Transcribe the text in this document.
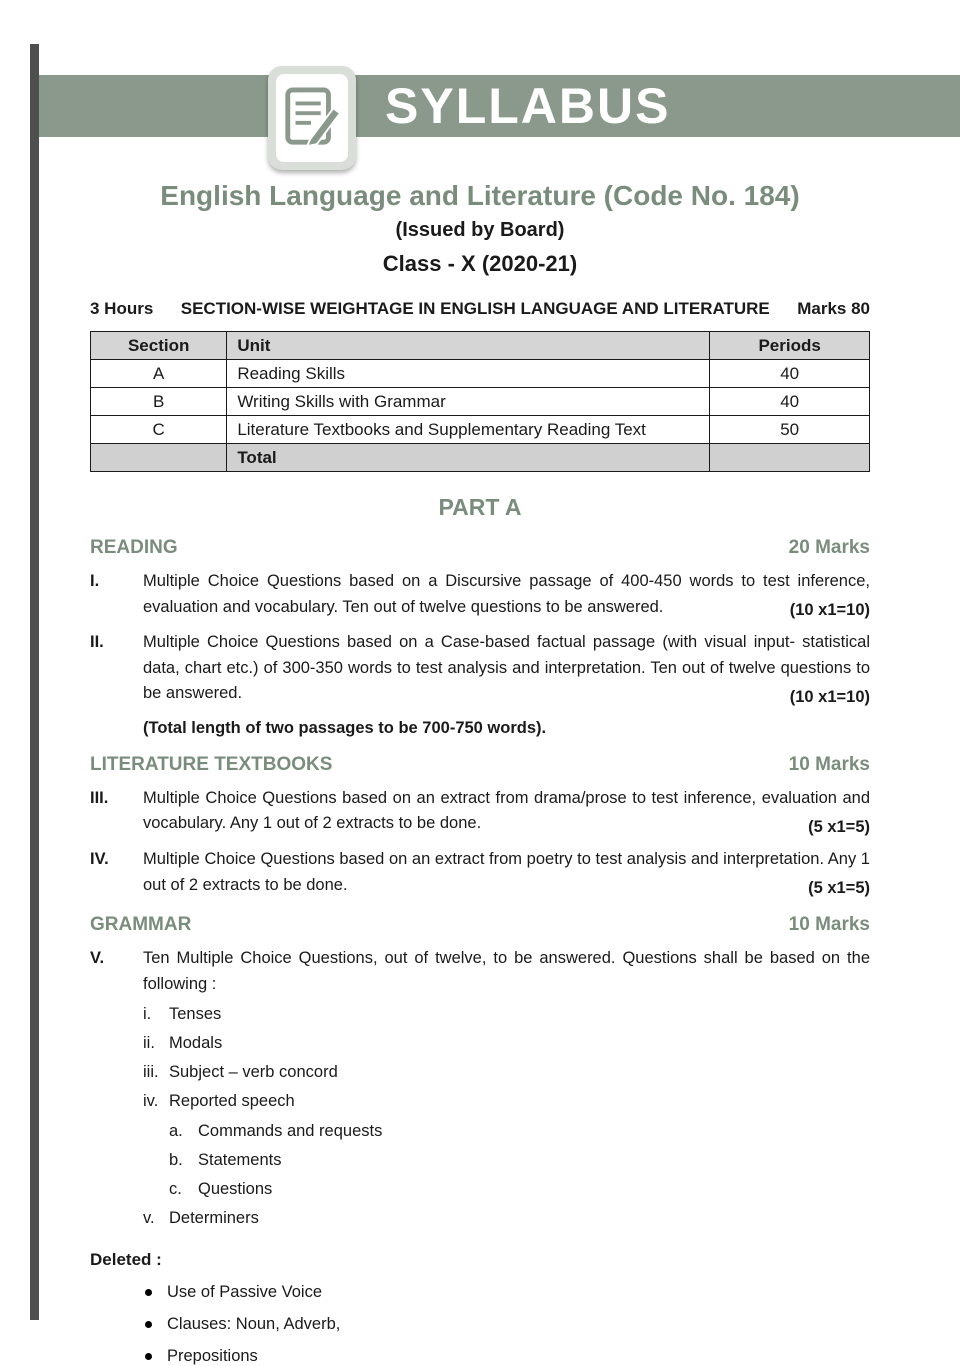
SYLLABUS
English Language and Literature (Code No. 184)
(Issued by Board)
Class - X (2020-21)
3 Hours SECTION-WISE WEIGHTAGE IN ENGLISH LANGUAGE AND LITERATURE Marks 80
Section	Unit	Periods
A	Reading Skills	40
B	Writing Skills with Grammar	40
C	Literature Textbooks and Supplementary Reading Text	50
	Total	
PART A
READING	20 Marks
I.	Multiple Choice Questions based on a Discursive passage of 400-450 words to test inference, evaluation and vocabulary. Ten out of twelve questions to be answered.	(10 x1=10)
II.	Multiple Choice Questions based on a Case-based factual passage (with visual input- statistical data, chart etc.) of 300-350 words to test analysis and interpretation. Ten out of twelve questions to be answered.	(10 x1=10)
(Total length of two passages to be 700-750 words).
LITERATURE TEXTBOOKS	10 Marks
III.	Multiple Choice Questions based on an extract from drama/prose to test inference, evaluation and vocabulary. Any 1 out of 2 extracts to be done.	(5 x1=5)
IV.	Multiple Choice Questions based on an extract from poetry to test analysis and interpretation. Any 1 out of 2 extracts to be done.	(5 x1=5)
GRAMMAR	10 Marks
V.	Ten Multiple Choice Questions, out of twelve, to be answered. Questions shall be based on the following :
i.	Tenses
ii. Modals
iii. Subject – verb concord
iv. Reported speech
a. Commands and requests
b. Statements
c. Questions
v. Determiners
Deleted :
Use of Passive Voice
Clauses: Noun, Adverb,
Prepositions
